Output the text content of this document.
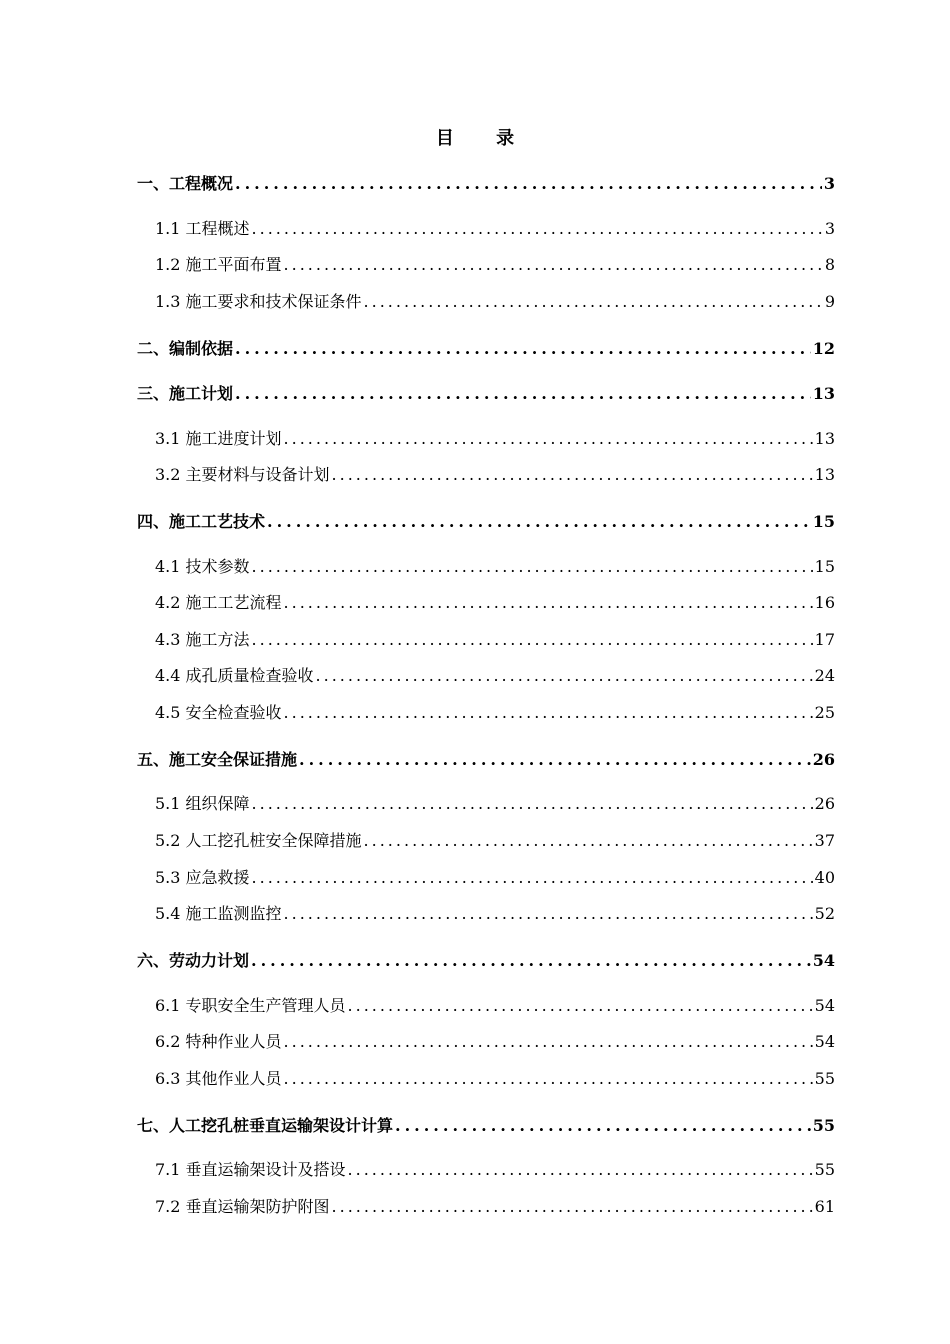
目 录
一、工程概况 .....	3
1.1 工程概述 .....	3
1.2 施工平面布置 .....	8
1.3 施工要求和技术保证条件 .....	9
二、编制依据 .....	12
三、施工计划 .....	13
3.1 施工进度计划 .....	13
3.2 主要材料与设备计划 .....	13
四、施工工艺技术 .....	15
4.1 技术参数 .....	15
4.2 施工工艺流程 .....	16
4.3 施工方法 .....	17
4.4 成孔质量检查验收 .....	24
4.5 安全检查验收 .....	25
五、施工安全保证措施 .....	26
5.1 组织保障 .....	26
5.2 人工挖孔桩安全保障措施 .....	37
5.3 应急救援 .....	40
5.4 施工监测监控 .....	52
六、劳动力计划 .....	54
6.1 专职安全生产管理人员 .....	54
6.2 特种作业人员 .....	54
6.3 其他作业人员 .....	55
七、人工挖孔桩垂直运输架设计计算 .....	55
7.1 垂直运输架设计及搭设 .....	55
7.2 垂直运输架防护附图 .....	61
